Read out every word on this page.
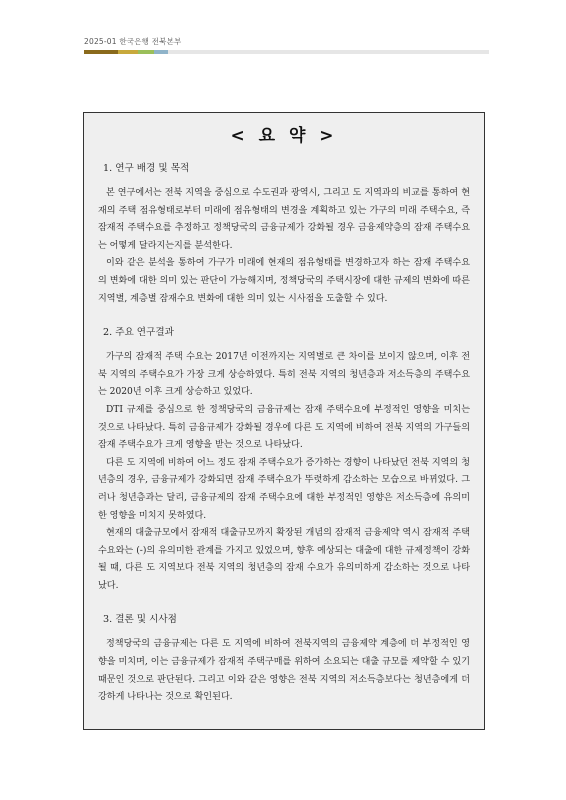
2025-01 한국은행 전북본부
< 요 약 >
1. 연구 배경 및 목적

본 연구에서는 전북 지역을 중심으로 수도권과 광역시, 그리고 도 지역과의 비교를 통하여 현재의 주택 점유형태로부터 미래에 점유형태의 변경을 계획하고 있는 가구의 미래 주택수요, 즉 잠재적 주택수요를 추정하고 정책당국의 금융규제가 강화될 경우 금융제약층의 잠재 주택수요는 어떻게 달라지는지를 분석한다.

이와 같은 분석을 통하여 가구가 미래에 현재의 점유형태를 변경하고자 하는 잠재 주택수요의 변화에 대한 의미 있는 판단이 가능해지며, 정책당국의 주택시장에 대한 규제의 변화에 따른 지역별, 계층별 잠재수요 변화에 대한 의미 있는 시사점을 도출할 수 있다.

2. 주요 연구결과

가구의 잠재적 주택 수요는 2017년 이전까지는 지역별로 큰 차이를 보이지 않으며, 이후 전북 지역의 주택수요가 가장 크게 상승하였다. 특히 전북 지역의 청년층과 저소득층의 주택수요는 2020년 이후 크게 상승하고 있었다.

DTI 규제를 중심으로 한 정책당국의 금융규제는 잠재 주택수요에 부정적인 영향을 미치는 것으로 나타났다. 특히 금융규제가 강화될 경우에 다른 도 지역에 비하여 전북 지역의 가구들의 잠재 주택수요가 크게 영향을 받는 것으로 나타났다.

다른 도 지역에 비하여 어느 정도 잠재 주택수요가 증가하는 경향이 나타났던 전북 지역의 청년층의 경우, 금융규제가 강화되면 잠재 주택수요가 뚜렷하게 감소하는 모습으로 바뀌었다. 그러나 청년층과는 달리, 금융규제의 잠재 주택수요에 대한 부정적인 영향은 저소득층에 유의미한 영향을 미치지 못하였다.

현재의 대출규모에서 잠재적 대출규모까지 확장된 개념의 잠재적 금융제약 역시 잠재적 주택수요와는 (-)의 유의미한 관계를 가지고 있었으며, 향후 예상되는 대출에 대한 규제정책이 강화될 때, 다른 도 지역보다 전북 지역의 청년층의 잠재 수요가 유의미하게 감소하는 것으로 나타났다.

3. 결론 및 시사점

정책당국의 금융규제는 다른 도 지역에 비하여 전북지역의 금융제약 계층에 더 부정적인 영향을 미치며, 이는 금융규제가 잠재적 주택구매를 위하여 소요되는 대출 규모를 제약할 수 있기 때문인 것으로 판단된다. 그리고 이와 같은 영향은 전북 지역의 저소득층보다는 청년층에게 더 강하게 나타나는 것으로 확인된다.
